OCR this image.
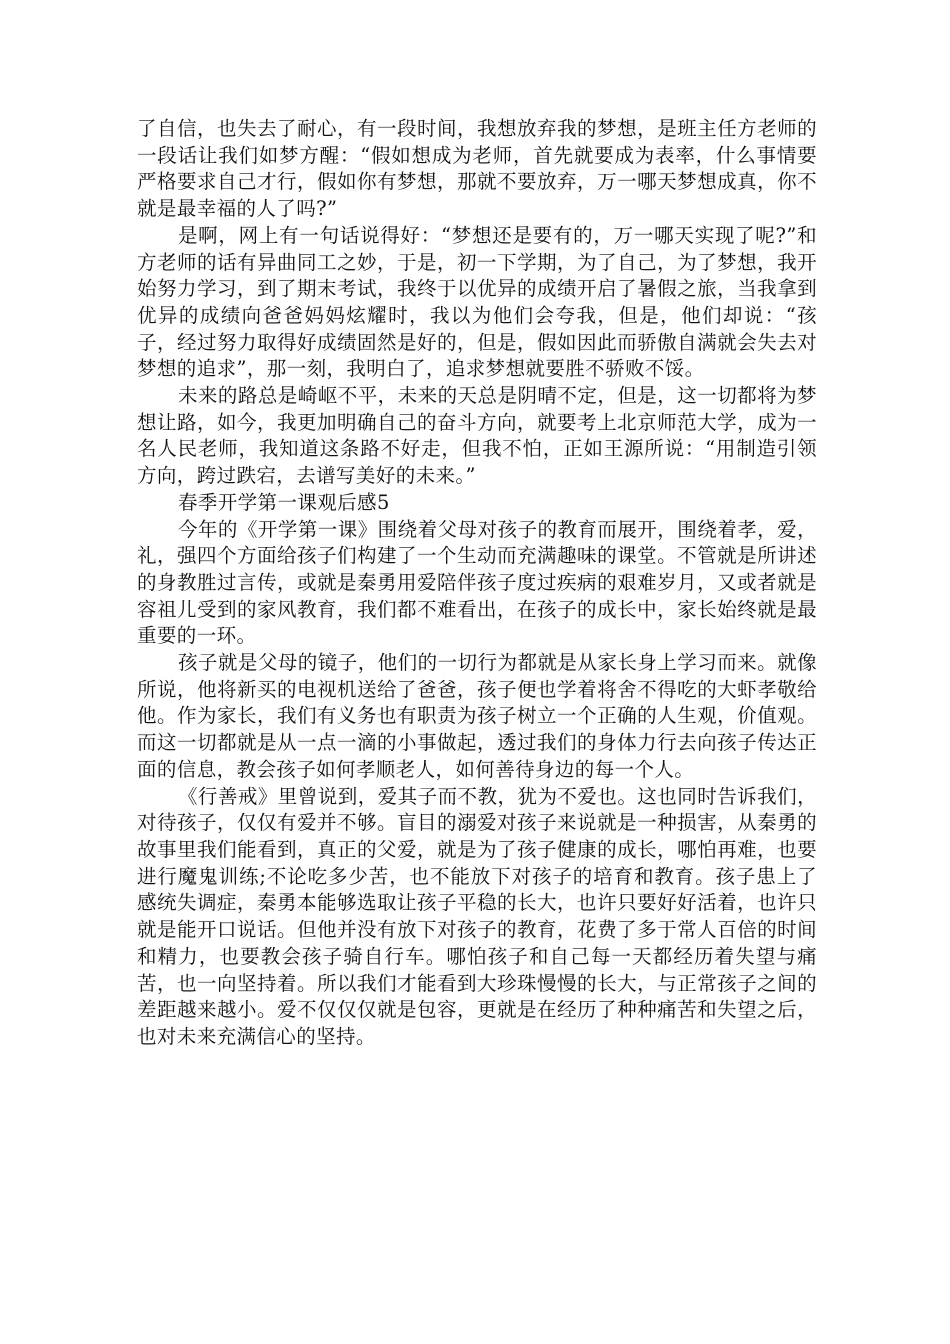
了自信，也失去了耐心，有一段时间，我想放弃我的梦想，是班主任方老师的一段话让我们如梦方醒：“假如想成为老师，首先就要成为表率，什么事情要严格要求自己才行，假如你有梦想，那就不要放弃，万一哪天梦想成真，你不就是最幸福的人了吗?”

是啊，网上有一句话说得好：“梦想还是要有的，万一哪天实现了呢?”和方老师的话有异曲同工之妙，于是，初一下学期，为了自己，为了梦想，我开始努力学习，到了期末考试，我终于以优异的成绩开启了暑假之旅，当我拿到优异的成绩向爸爸妈妈炫耀时，我以为他们会夸我，但是，他们却说：“孩子，经过努力取得好成绩固然是好的，但是，假如因此而骄傲自满就会失去对梦想的追求”，那一刻，我明白了，追求梦想就要胜不骄败不馁。

未来的路总是崎岖不平，未来的天总是阴晴不定，但是，这一切都将为梦想让路，如今，我更加明确自己的奋斗方向，就要考上北京师范大学，成为一名人民老师，我知道这条路不好走，但我不怕，正如王源所说：“用制造引领方向，跨过跌宕，去谱写美好的未来。”

春季开学第一课观后感5

今年的《开学第一课》围绕着父母对孩子的教育而展开，围绕着孝，爱，礼，强四个方面给孩子们构建了一个生动而充满趣味的课堂。不管就是所讲述的身教胜过言传，或就是秦勇用爱陪伴孩子度过疾病的艰难岁月，又或者就是容祖儿受到的家风教育，我们都不难看出，在孩子的成长中，家长始终就是最重要的一环。

孩子就是父母的镜子，他们的一切行为都就是从家长身上学习而来。就像所说，他将新买的电视机送给了爸爸，孩子便也学着将舍不得吃的大虾孝敬给他。作为家长，我们有义务也有职责为孩子树立一个正确的人生观，价值观。而这一切都就是从一点一滴的小事做起，透过我们的身体力行去向孩子传达正面的信息，教会孩子如何孝顺老人，如何善待身边的每一个人。

《行善戒》里曾说到，爱其子而不教，犹为不爱也。这也同时告诉我们，对待孩子，仅仅有爱并不够。盲目的溺爱对孩子来说就是一种损害，从秦勇的故事里我们能看到，真正的父爱，就是为了孩子健康的成长，哪怕再难，也要进行魔鬼训练;不论吃多少苦，也不能放下对孩子的培育和教育。孩子患上了感统失调症，秦勇本能够选取让孩子平稳的长大，也许只要好好活着，也许只就是能开口说话。但他并没有放下对孩子的教育，花费了多于常人百倍的时间和精力，也要教会孩子骑自行车。哪怕孩子和自己每一天都经历着失望与痛苦，也一向坚持着。所以我们才能看到大珍珠慢慢的长大，与正常孩子之间的差距越来越小。爱不仅仅仅就是包容，更就是在经历了种种痛苦和失望之后，也对未来充满信心的坚持。
